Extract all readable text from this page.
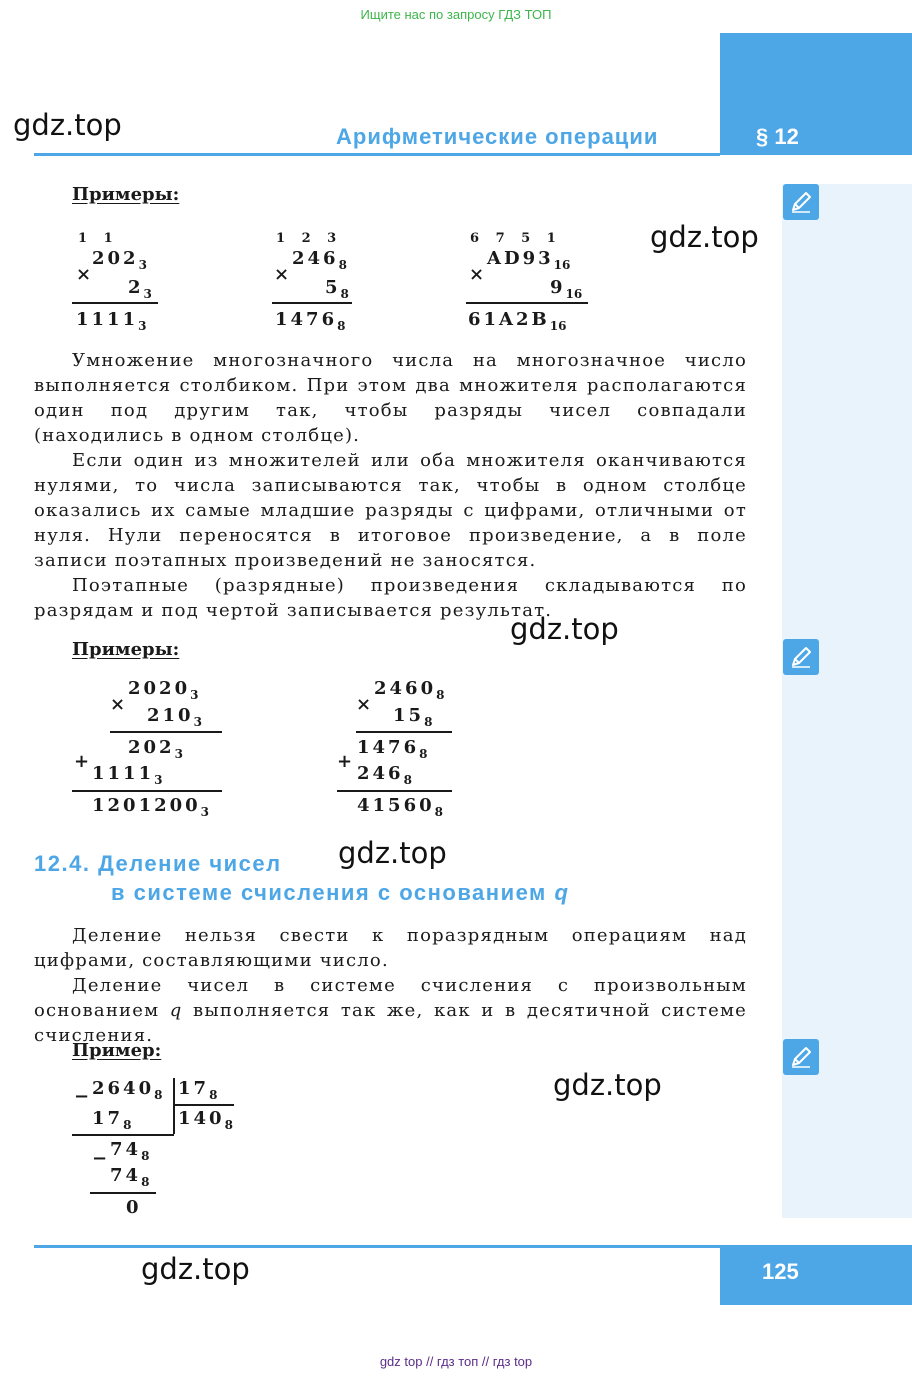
Ищите нас по запросу ГДЗ ТОП
Арифметические операции	§ 12
gdz.top
gdz.top
gdz.top
gdz.top
gdz.top
gdz.top
Примеры:
1 1
$202_3$
×
$2_3$
$1111_3$
1 2 3
$246_8$
×
$5_8$
$1476_8$
6 7 5 1
$AD93_{16}$
×
$9_{16}$
$61A2B_{16}$

Умножение многозначного числа на многозначное число выполняется столбиком. При этом два множителя располагаются один под другим так, чтобы разряды чисел совпадали (находились в одном столбце).

Если один из множителей или оба множителя оканчиваются нулями, то числа записываются так, чтобы в одном столбце оказались их самые младшие разряды с цифрами, отличными от нуля. Нули переносятся в итоговое произведение, а в поле записи поэтапных произведений не заносятся.

Поэтапные (разрядные) произведения складываются по разрядам и под чертой записывается результат.

Примеры:
$2020_3$
×
$210_3$
$202_3$
+
$1111_3$
$1201200_3$
$2460_8$
×
$15_8$
$1476_8$
+
$246_8$
$41560_8$
12.4. Деление чисел
в системе счисления с основанием q

Деление нельзя свести к поразрядным операциям над цифрами, составляющими число.

Деление чисел в системе счисления с произвольным основанием q выполняется так же, как и в десятичной системе счисления.

Пример:
− $2640_8$ $17_8$
$17_8$	$140_8$
$74_8$
−
$74_8$
0
125
gdz top // гдз топ // гдз top
